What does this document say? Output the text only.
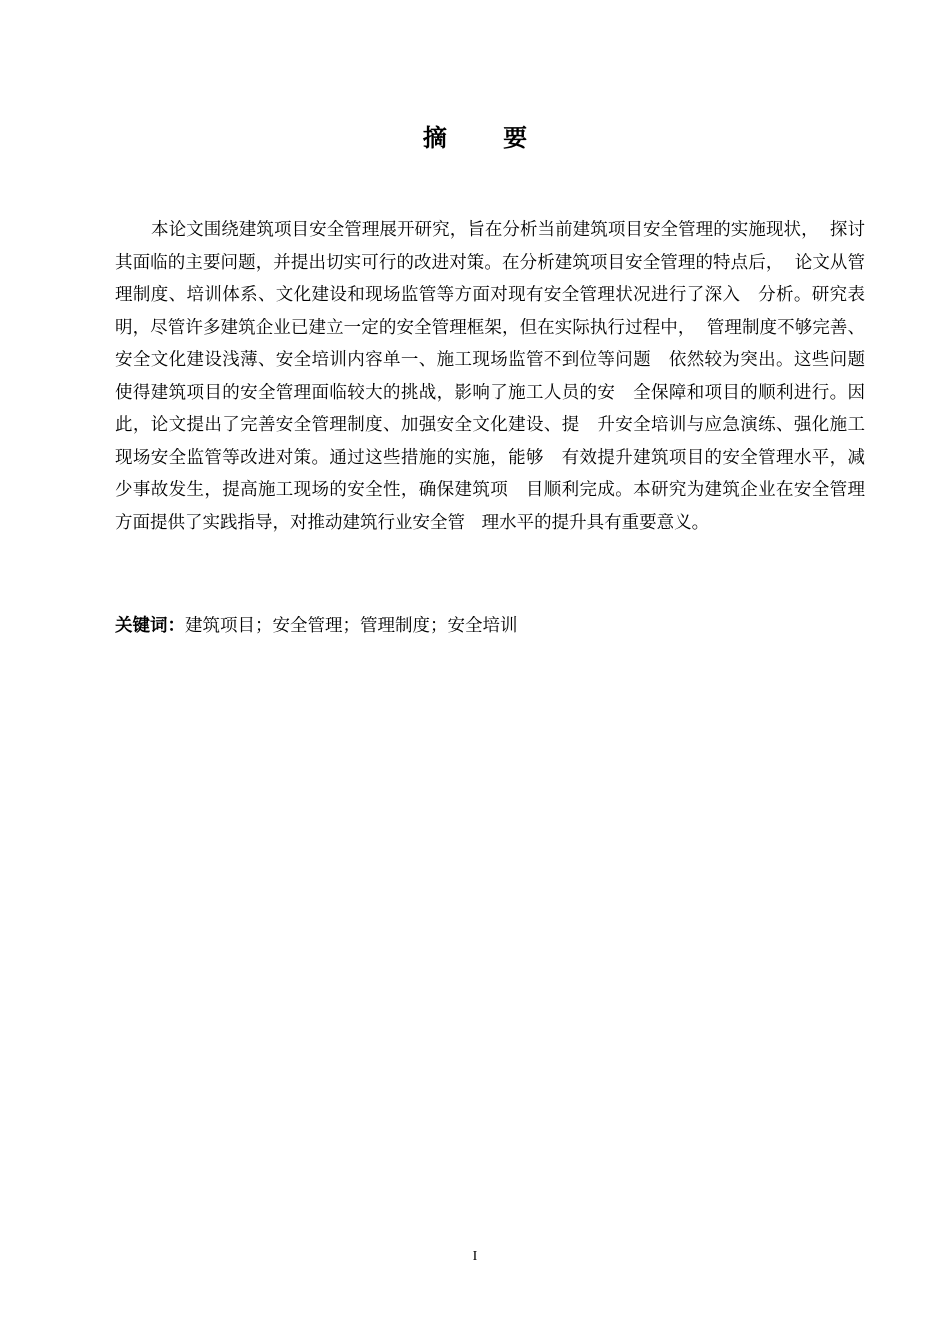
摘 要

本论文围绕建筑项目安全管理展开研究，旨在分析当前建筑项目安全管理的实施现状，  探讨其面临的主要问题，并提出切实可行的改进对策。在分析建筑项目安全管理的特点后，  论文从管理制度、培训体系、文化建设和现场监管等方面对现有安全管理状况进行了深入   分析。研究表明，尽管许多建筑企业已建立一定的安全管理框架，但在实际执行过程中，  管理制度不够完善、安全文化建设浅薄、安全培训内容单一、施工现场监管不到位等问题   依然较为突出。这些问题使得建筑项目的安全管理面临较大的挑战，影响了施工人员的安   全保障和项目的顺利进行。因此，论文提出了完善安全管理制度、加强安全文化建设、提   升安全培训与应急演练、强化施工现场安全监管等改进对策。通过这些措施的实施，能够   有效提升建筑项目的安全管理水平，减少事故发生，提高施工现场的安全性，确保建筑项   目顺利完成。本研究为建筑企业在安全管理方面提供了实践指导，对推动建筑行业安全管   理水平的提升具有重要意义。

关键词：建筑项目；安全管理；管理制度；安全培训
I
